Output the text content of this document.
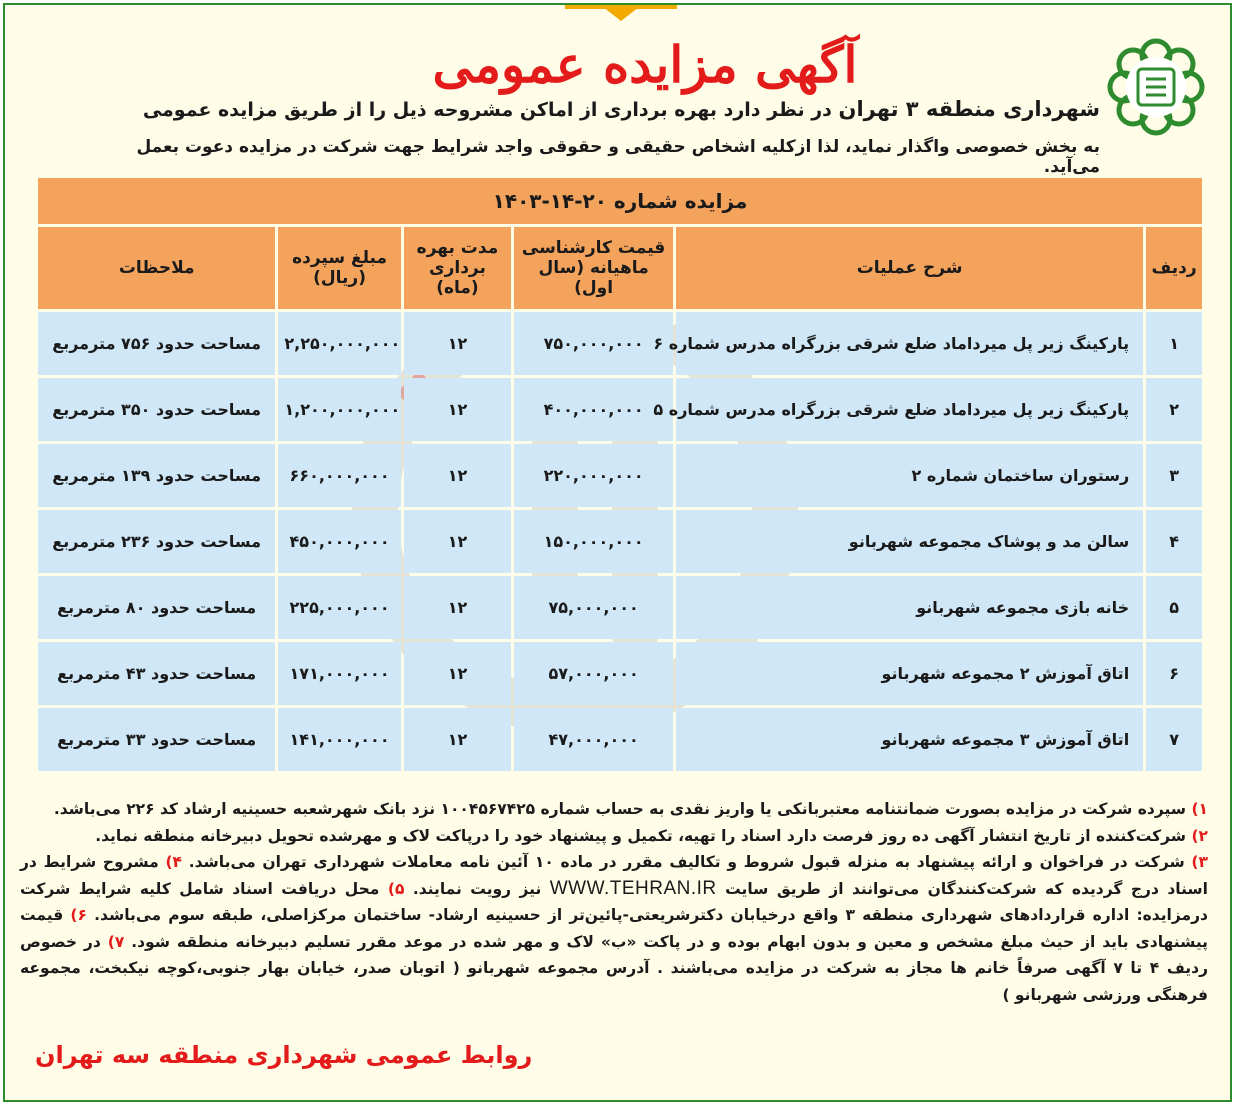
آگهی مزایده عمومی
شهرداری منطقه ۳ تهران در نظر دارد بهره برداری از اماکن مشروحه ذیل را از طریق مزایده عمومی
به بخش خصوصی واگذار نماید، لذا ازکلیه اشخاص حقیقی و حقوقی واجد شرایط جهت شرکت در مزایده دعوت بعمل می‌آید.
مزایده شماره ۲۰-۱۴-۱۴۰۳
ردیف	شرح عملیات	قیمت کارشناسی ماهیانه (سال اول)	مدت بهره برداری (ماه)	مبلغ سپرده (ریال)	ملاحظات
۱	پارکینگ زیر پل میرداماد ضلع شرقی بزرگراه مدرس شماره ۶	۷۵۰,۰۰۰,۰۰۰	۱۲	۲,۲۵۰,۰۰۰,۰۰۰	مساحت حدود ۷۵۶ مترمربع
۲	پارکینگ زیر پل میرداماد ضلع شرقی بزرگراه مدرس شماره ۵	۴۰۰,۰۰۰,۰۰۰	۱۲	۱,۲۰۰,۰۰۰,۰۰۰	مساحت حدود ۳۵۰ مترمربع
۳	رستوران ساختمان شماره ۲	۲۲۰,۰۰۰,۰۰۰	۱۲	۶۶۰,۰۰۰,۰۰۰	مساحت حدود ۱۳۹ مترمربع
۴	سالن مد و پوشاک مجموعه شهربانو	۱۵۰,۰۰۰,۰۰۰	۱۲	۴۵۰,۰۰۰,۰۰۰	مساحت حدود ۲۳۶ مترمربع
۵	خانه بازی مجموعه شهربانو	۷۵,۰۰۰,۰۰۰	۱۲	۲۲۵,۰۰۰,۰۰۰	مساحت حدود ۸۰ مترمربع
۶	اتاق آموزش ۲ مجموعه شهربانو	۵۷,۰۰۰,۰۰۰	۱۲	۱۷۱,۰۰۰,۰۰۰	مساحت حدود ۴۳ مترمربع
۷	اتاق آموزش ۳ مجموعه شهربانو	۴۷,۰۰۰,۰۰۰	۱۲	۱۴۱,۰۰۰,۰۰۰	مساحت حدود ۳۳ مترمربع
۱) سپرده شرکت در مزایده بصورت ضمانتنامه معتبربانکی یا واریز نقدی به حساب شماره ۱۰۰۴۵۶۷۴۲۵ نزد بانک شهرشعبه حسینیه ارشاد کد ۲۲۶ می‌باشد.
۲) شرکت‌کننده از تاریخ انتشار آگهی ده روز فرصت دارد اسناد را تهیه، تکمیل و پیشنهاد خود را درپاکت لاک و مهرشده تحویل دبیرخانه منطقه نماید.
۳) شرکت در فراخوان و ارائه پیشنهاد به منزله قبول شروط و تکالیف مقرر در ماده ۱۰ آئین نامه معاملات شهرداری تهران می‌باشد. ۴) مشروح شرایط در اسناد درج گردیده که شرکت‌کنندگان می‌توانند از طریق سایت WWW.TEHRAN.IR نیز رویت نمایند. ۵) محل دریافت اسناد شامل کلیه شرایط شرکت درمزایده: اداره قراردادهای شهرداری منطقه ۳ واقع درخیابان دکترشریعتی-پائین‌تر از حسینیه ارشاد- ساختمان مرکزاصلی، طبقه سوم می‌باشد. ۶) قیمت پیشنهادی باید از حیث مبلغ مشخص و معین و بدون ابهام بوده و در پاکت «ب» لاک و مهر شده در موعد مقرر تسلیم دبیرخانه منطقه شود. ۷) در خصوص ردیف ۴ تا ۷ آگهی صرفاً خانم ها مجاز به شرکت در مزایده می‌باشند . آدرس مجموعه شهربانو ( اتوبان صدر، خیابان بهار جنوبی،کوچه نیکبخت، مجموعه فرهنگی ورزشی شهربانو )
روابط عمومی شهرداری منطقه سه تهران
